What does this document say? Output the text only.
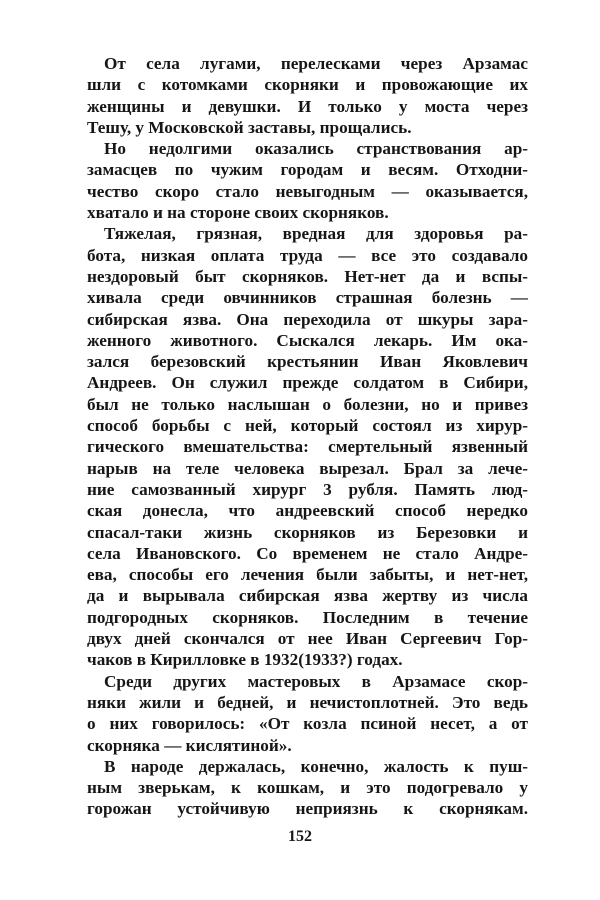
От села лугами, перелесками через Арзамас
шли с котомками скорняки и провожающие их
женщины и девушки. И только у моста через
Тешу, у Московской заставы, прощались.
Но недолгими оказались странствования ар-
замасцев по чужим городам и весям. Отходни-
чество скоро стало невыгодным — оказывается,
хватало и на стороне своих скорняков.
Тяжелая, грязная, вредная для здоровья ра-
бота, низкая оплата труда — все это создавало
нездоровый быт скорняков. Нет-нет да и вспы-
хивала среди овчинников страшная болезнь —
сибирская язва. Она переходила от шкуры зара-
женного животного. Сыскался лекарь. Им ока-
зался березовский крестьянин Иван Яковлевич
Андреев. Он служил прежде солдатом в Сибири,
был не только наслышан о болезни, но и привез
способ борьбы с ней, который состоял из хирур-
гического вмешательства: смертельный язвенный
нарыв на теле человека вырезал. Брал за лече-
ние самозванный хирург 3 рубля. Память люд-
ская донесла, что андреевский способ нередко
спасал-таки жизнь скорняков из Березовки и
села Ивановского. Со временем не стало Андре-
ева, способы его лечения были забыты, и нет-нет,
да и вырывала сибирская язва жертву из числа
подгородных скорняков. Последним в течение
двух дней скончался от нее Иван Сергеевич Гор-
чаков в Кирилловке в 1932(1933?) годах.
Среди других мастеровых в Арзамасе скор-
няки жили и бедней, и нечистоплотней. Это ведь
о них говорилось: «От козла псиной несет, а от
скорняка — кислятиной».
В народе держалась, конечно, жалость к пуш-
ным зверькам, к кошкам, и это подогревало у
горожан устойчивую неприязнь к скорнякам.
152
